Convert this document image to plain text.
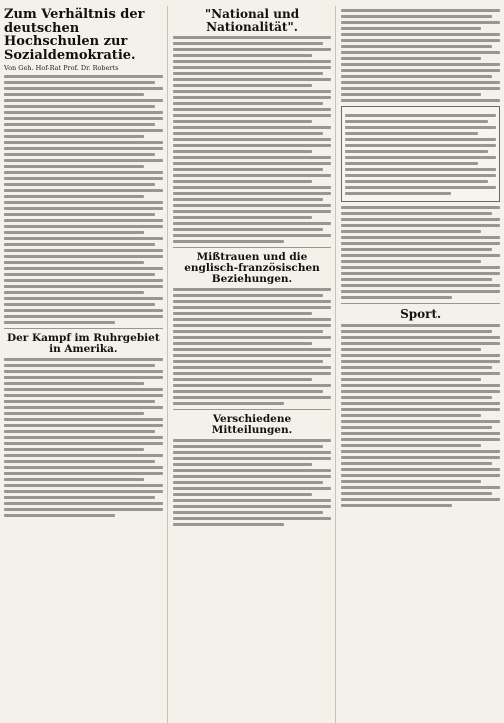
Zum Verhältnis der deutschen Hochschulen zur Sozialdemokratie.
Von Geh. Hof-Rat Prof. Dr. Roberts
Der Kampf im Ruhrgebiet in Amerika.
"National und Nationalität".
Mißtrauen und die englisch-französischen Beziehungen.
Verschiedene Mitteilungen.
Sport.
